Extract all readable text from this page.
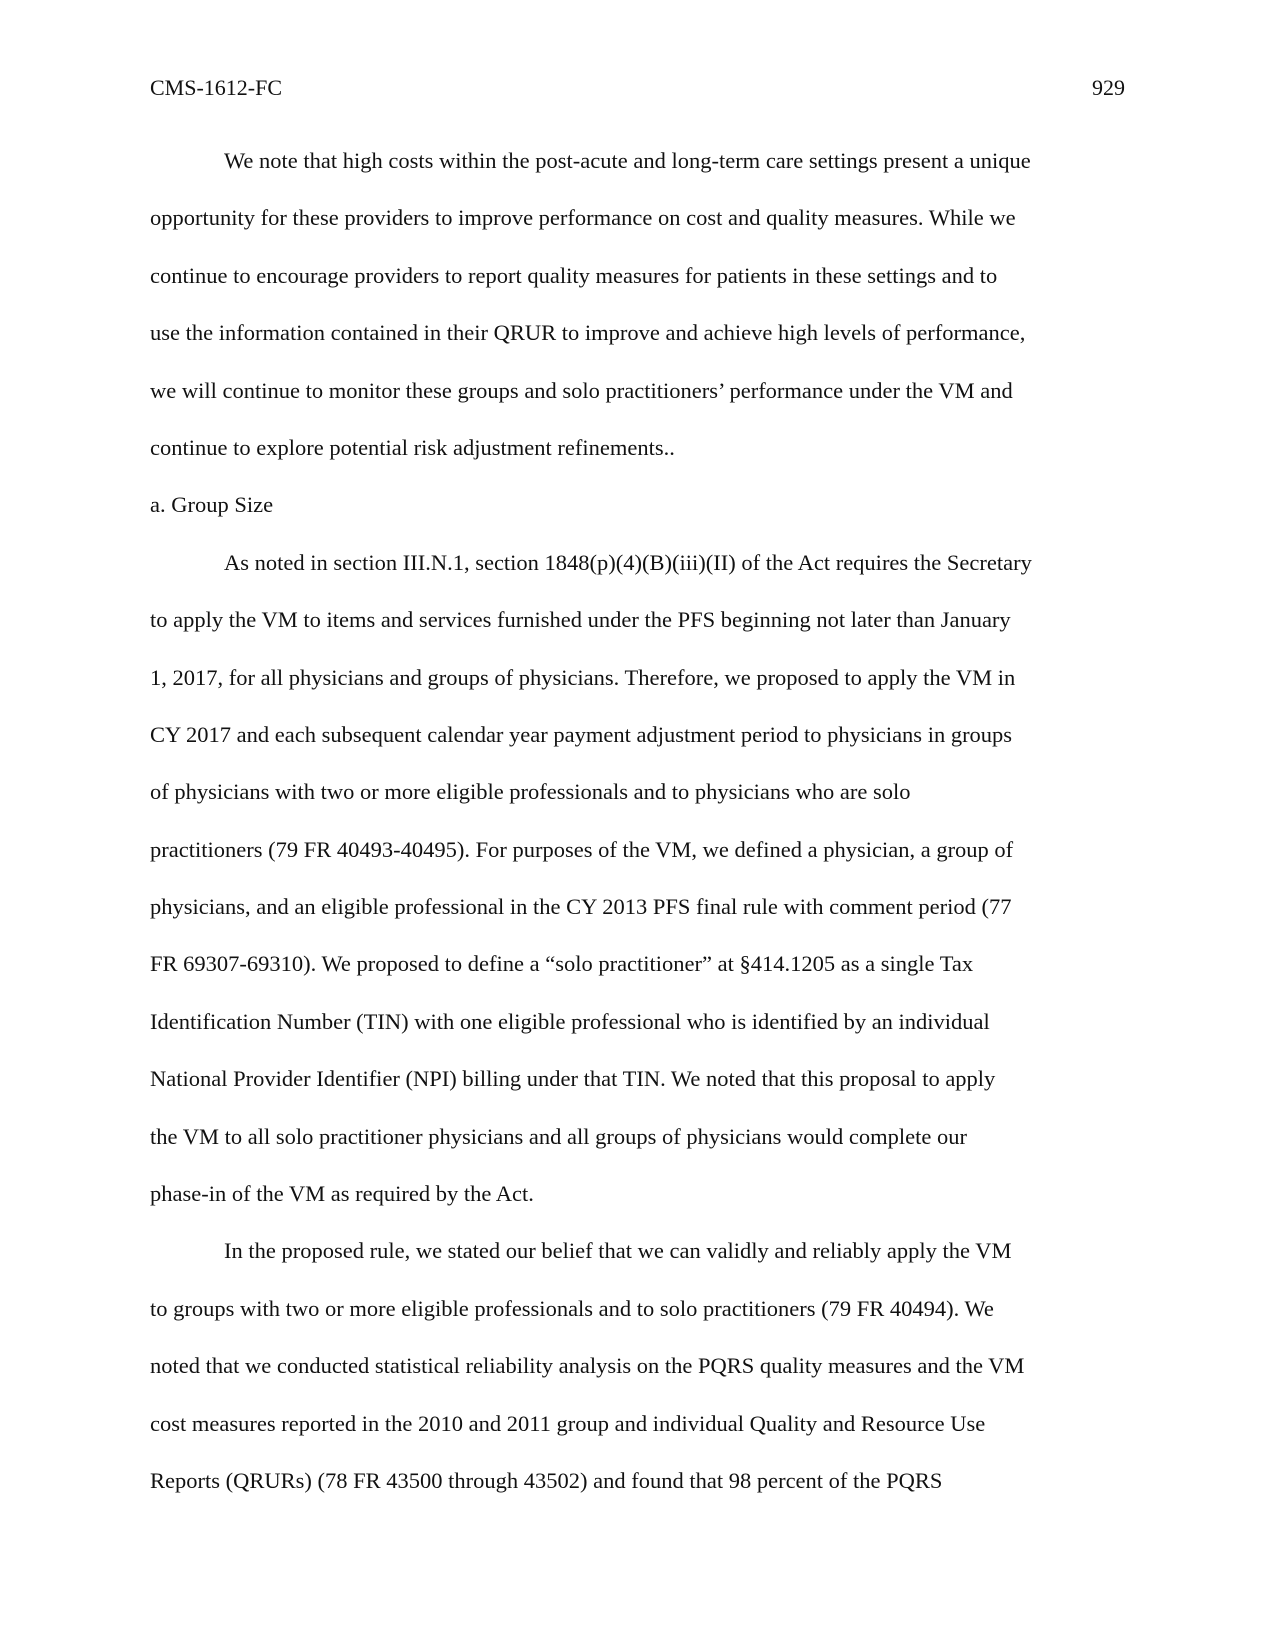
CMS-1612-FC	929
We note that high costs within the post-acute and long-term care settings present a unique
opportunity for these providers to improve performance on cost and quality measures. While we
continue to encourage providers to report quality measures for patients in these settings and to
use the information contained in their QRUR to improve and achieve high levels of performance,
we will continue to monitor these groups and solo practitioners’ performance under the VM and
continue to explore potential risk adjustment refinements..
a. Group Size
As noted in section III.N.1, section 1848(p)(4)(B)(iii)(II) of the Act requires the Secretary
to apply the VM to items and services furnished under the PFS beginning not later than January
1, 2017, for all physicians and groups of physicians. Therefore, we proposed to apply the VM in
CY 2017 and each subsequent calendar year payment adjustment period to physicians in groups
of physicians with two or more eligible professionals and to physicians who are solo
practitioners (79 FR 40493-40495). For purposes of the VM, we defined a physician, a group of
physicians, and an eligible professional in the CY 2013 PFS final rule with comment period (77
FR 69307-69310). We proposed to define a “solo practitioner” at §414.1205 as a single Tax
Identification Number (TIN) with one eligible professional who is identified by an individual
National Provider Identifier (NPI) billing under that TIN. We noted that this proposal to apply
the VM to all solo practitioner physicians and all groups of physicians would complete our
phase-in of the VM as required by the Act.
In the proposed rule, we stated our belief that we can validly and reliably apply the VM
to groups with two or more eligible professionals and to solo practitioners (79 FR 40494). We
noted that we conducted statistical reliability analysis on the PQRS quality measures and the VM
cost measures reported in the 2010 and 2011 group and individual Quality and Resource Use
Reports (QRURs) (78 FR 43500 through 43502) and found that 98 percent of the PQRS
